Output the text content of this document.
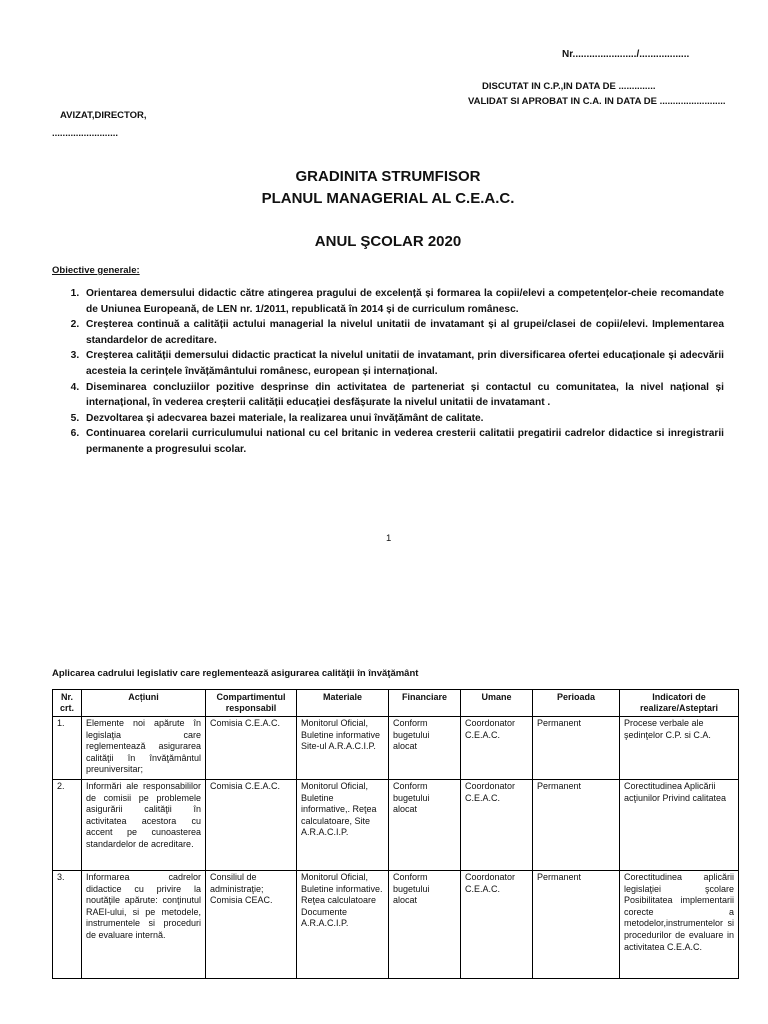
Nr......................./..................
DISCUTAT IN C.P.,IN DATA DE ..............
VALIDAT SI APROBAT IN C.A. IN DATA DE .........................
AVIZAT,DIRECTOR,
.........................
GRADINITA STRUMFISOR
PLANUL MANAGERIAL AL C.E.A.C.
ANUL ŞCOLAR 2020
Obiective generale:
1. Orientarea demersului didactic către atingerea pragului de excelență și formarea la copii/elevi a competențelor-cheie recomandate de Uniunea Europeană, de LEN nr. 1/2011, republicată în 2014 și de curriculum românesc.
2. Creșterea continuă a calității actului managerial la nivelul unitatii de invatamant și al grupei/clasei de copii/elevi. Implementarea standardelor de acreditare.
3. Creșterea calității demersului didactic practicat la nivelul unitatii de invatamant, prin diversificarea ofertei educaționale și adecvării acesteia la cerințele învățământului românesc, european și internațional.
4. Diseminarea concluziilor pozitive desprinse din activitatea de parteneriat și contactul cu comunitatea, la nivel național și internațional, în vederea creșterii calității educației desfășurate la nivelul unitatii de invatamant .
5. Dezvoltarea și adecvarea bazei materiale, la realizarea unui învățământ de calitate.
6. Continuarea corelarii curriculumului national cu cel britanic in vederea cresterii calitatii pregatirii cadrelor didactice si inregistrarii permanente a progresului scolar.
1
Aplicarea cadrului legislativ care reglementează asigurarea calităţii în învăţământ
Nr. crt.	Acțiuni	Compartimentul responsabil	Materiale	Financiare	Umane	Perioada	Indicatori de realizare/Asteptari
1.	Elemente noi apărute în legislaţia care reglementează asigurarea calităţii în învăţământul preuniversitar;	Comisia C.E.A.C.	Monitorul Oficial, Buletine informative Site-ul A.R.A.C.I.P.	Conform bugetului alocat	Coordonator C.E.A.C.	Permanent	Procese verbale ale şedinţelor C.P. si C.A.
2.	Informări ale responsabililor de comisii pe problemele asigurării calităţii în activitatea acestora cu accent pe cunoasterea standardelor de acreditare.	Comisia C.E.A.C.	Monitorul Oficial, Buletine informative,. Reţea calculatoare, Site A.R.A.C.I.P.	Conform bugetului alocat	Coordonator C.E.A.C.	Permanent	Corectitudinea Aplicării acţiunilor Privind calitatea
3.	Informarea cadrelor didactice cu privire la noutăţile apărute: conţinutul RAEI-ului, si pe metodele, instrumentele si proceduri de evaluare internă.	Consiliul de administraţie; Comisia CEAC.	Monitorul Oficial, Buletine informative. Reţea calculatoare Documente A.R.A.C.I.P.	Conform bugetului alocat	Coordonator C.E.A.C.	Permanent	Corectitudinea aplicării legislaţiei şcolare Posibilitatea implementarii corecte a metodelor,instrumentelor si procedurilor de evaluare in activitatea C.E.A.C.
